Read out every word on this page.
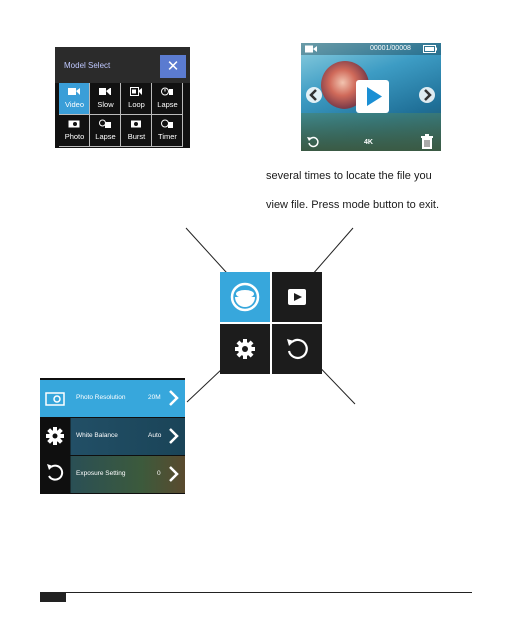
Model Select	✕
Video	Slow	Loop	Lapse
Photo	Lapse	Burst	Timer
00001/00008
4K
several times to locate the file you
view file. Press mode button to exit.
Photo Resolution	20M
White Balance	Auto
Exposure Setting	0
